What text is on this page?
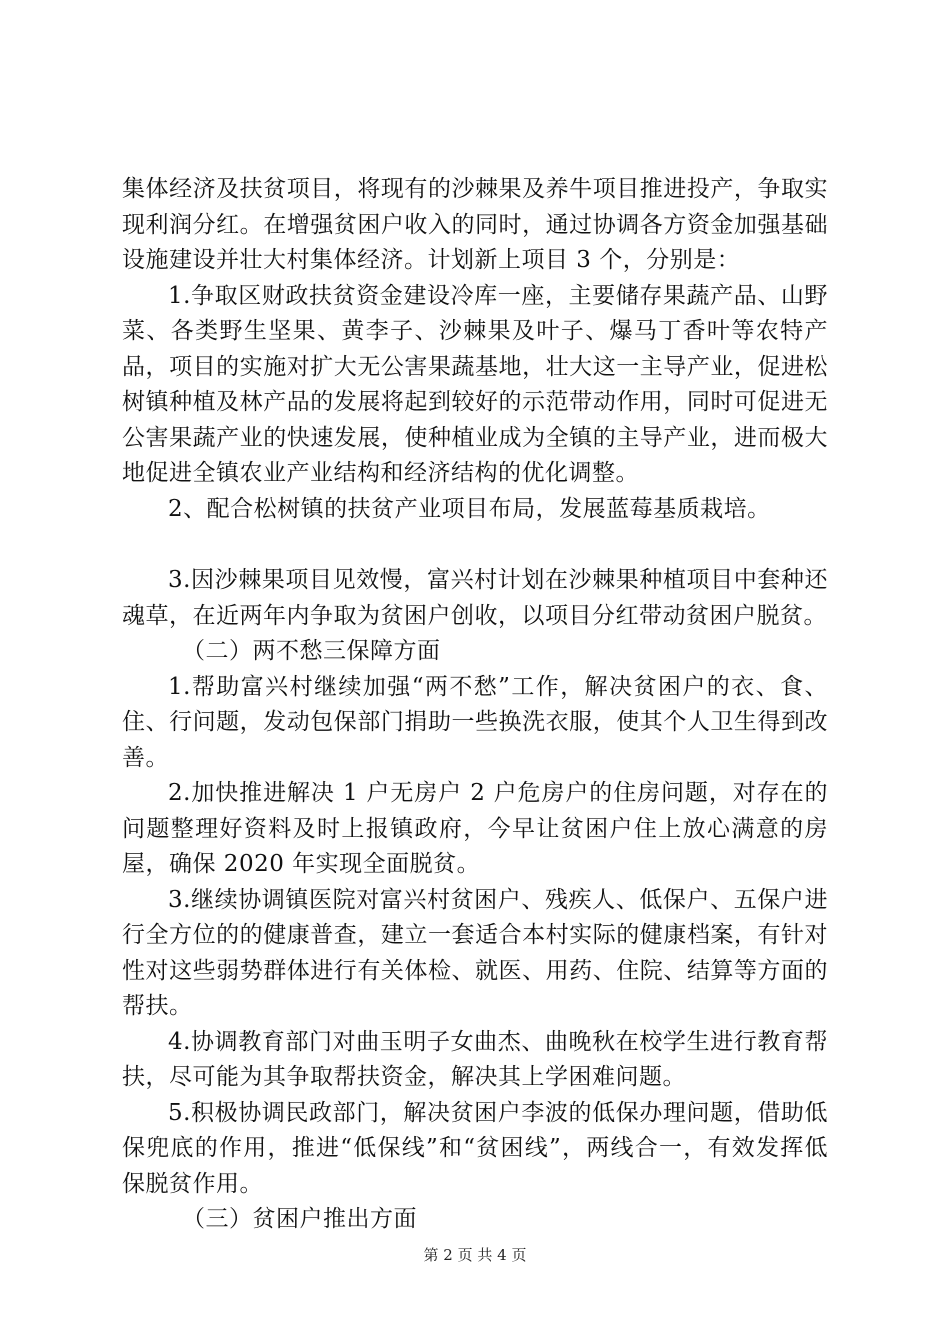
集体经济及扶贫项目，将现有的沙棘果及养牛项目推进投产，争取实现利润分红。在增强贫困户收入的同时，通过协调各方资金加强基础设施建设并壮大村集体经济。计划新上项目 3 个，分别是：

1.争取区财政扶贫资金建设冷库一座，主要储存果蔬产品、山野菜、各类野生坚果、黄李子、沙棘果及叶子、爆马丁香叶等农特产品，项目的实施对扩大无公害果蔬基地，壮大这一主导产业，促进松树镇种植及林产品的发展将起到较好的示范带动作用，同时可促进无公害果蔬产业的快速发展，使种植业成为全镇的主导产业，进而极大地促进全镇农业产业结构和经济结构的优化调整。

2、配合松树镇的扶贫产业项目布局，发展蓝莓基质栽培。

3.因沙棘果项目见效慢，富兴村计划在沙棘果种植项目中套种还魂草，在近两年内争取为贫困户创收，以项目分红带动贫困户脱贫。

（二）两不愁三保障方面

1.帮助富兴村继续加强“两不愁”工作，解决贫困户的衣、食、住、行问题，发动包保部门捐助一些换洗衣服，使其个人卫生得到改善。

2.加快推进解决 1 户无房户 2 户危房户的住房问题，对存在的问题整理好资料及时上报镇政府，今早让贫困户住上放心满意的房屋，确保 2020 年实现全面脱贫。

3.继续协调镇医院对富兴村贫困户、残疾人、低保户、五保户进行全方位的的健康普查，建立一套适合本村实际的健康档案，有针对性对这些弱势群体进行有关体检、就医、用药、住院、结算等方面的帮扶。

4.协调教育部门对曲玉明子女曲杰、曲晚秋在校学生进行教育帮扶，尽可能为其争取帮扶资金，解决其上学困难问题。

5.积极协调民政部门，解决贫困户李波的低保办理问题，借助低保兜底的作用，推进“低保线”和“贫困线”，两线合一，有效发挥低保脱贫作用。

（三）贫困户推出方面

第 2 页 共 4 页
